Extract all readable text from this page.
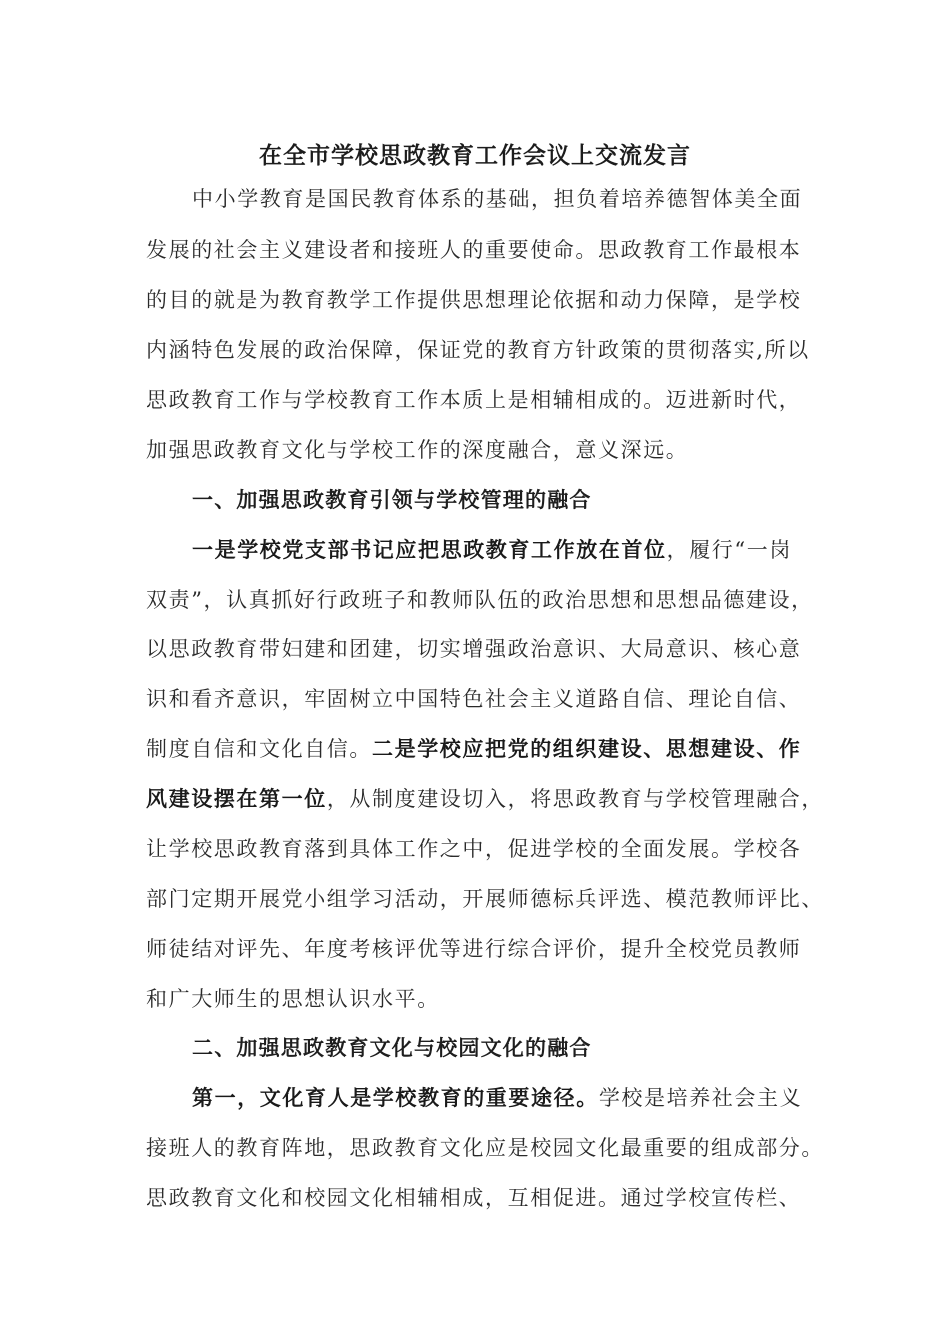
在全市学校思政教育工作会议上交流发言
中小学教育是国民教育体系的基础，担负着培养德智体美全面
发展的社会主义建设者和接班人的重要使命。思政教育工作最根本
的目的就是为教育教学工作提供思想理论依据和动力保障，是学校
内涵特色发展的政治保障，保证党的教育方针政策的贯彻落实,所以
思政教育工作与学校教育工作本质上是相辅相成的。迈进新时代，
加强思政教育文化与学校工作的深度融合，意义深远。
一、加强思政教育引领与学校管理的融合
一是学校党支部书记应把思政教育工作放在首位，履行“一岗
双责”，认真抓好行政班子和教师队伍的政治思想和思想品德建设，
以思政教育带妇建和团建，切实增强政治意识、大局意识、核心意
识和看齐意识，牢固树立中国特色社会主义道路自信、理论自信、
制度自信和文化自信。二是学校应把党的组织建设、思想建设、作
风建设摆在第一位，从制度建设切入，将思政教育与学校管理融合，
让学校思政教育落到具体工作之中，促进学校的全面发展。学校各
部门定期开展党小组学习活动，开展师德标兵评选、模范教师评比、
师徒结对评先、年度考核评优等进行综合评价，提升全校党员教师
和广大师生的思想认识水平。
二、加强思政教育文化与校园文化的融合
第一，文化育人是学校教育的重要途径。学校是培养社会主义
接班人的教育阵地，思政教育文化应是校园文化最重要的组成部分。
思政教育文化和校园文化相辅相成，互相促进。通过学校宣传栏、
